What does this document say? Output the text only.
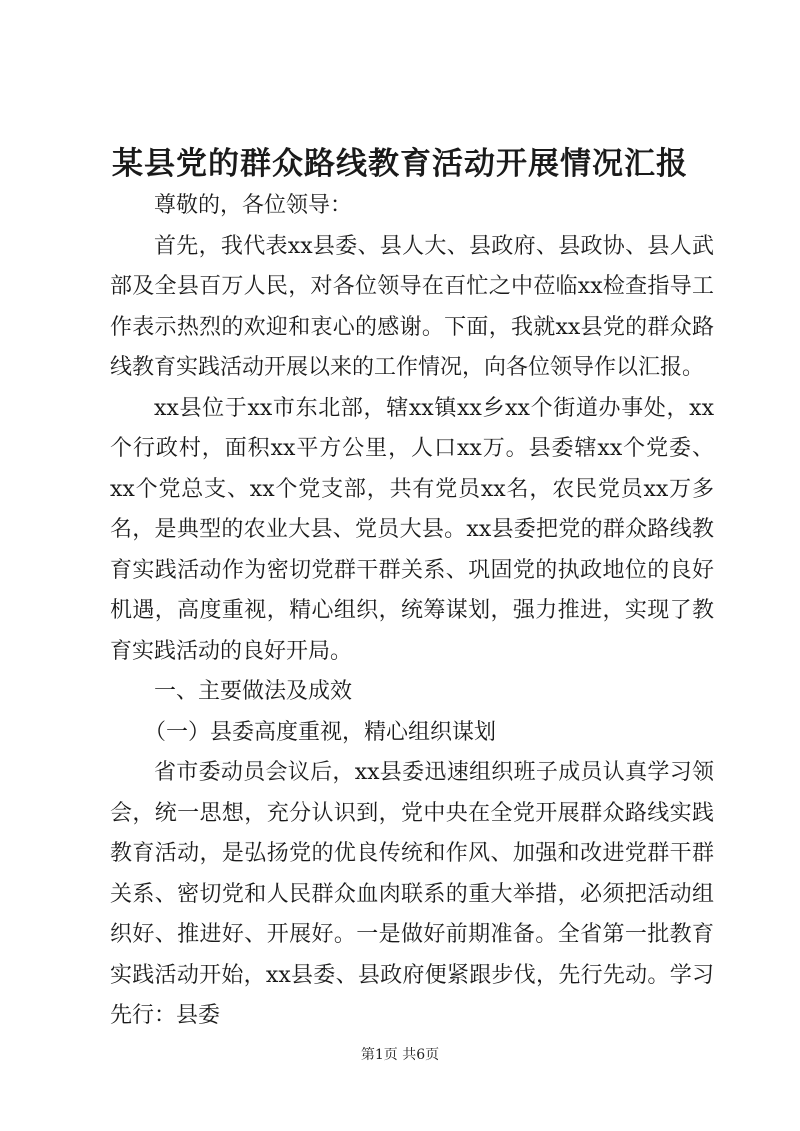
某县党的群众路线教育活动开展情况汇报

尊敬的，各位领导：

首先，我代表xx县委、县人大、县政府、县政协、县人武部及全县百万人民，对各位领导在百忙之中莅临xx检查指导工作表示热烈的欢迎和衷心的感谢。下面，我就xx县党的群众路线教育实践活动开展以来的工作情况，向各位领导作以汇报。

xx县位于xx市东北部，辖xx镇xx乡xx个街道办事处，xx个行政村，面积xx平方公里，人口xx万。县委辖xx个党委、xx个党总支、xx个党支部，共有党员xx名，农民党员xx万多名，是典型的农业大县、党员大县。xx县委把党的群众路线教育实践活动作为密切党群干群关系、巩固党的执政地位的良好机遇，高度重视，精心组织，统筹谋划，强力推进，实现了教育实践活动的良好开局。

一、主要做法及成效

（一）县委高度重视，精心组织谋划

省市委动员会议后，xx县委迅速组织班子成员认真学习领会，统一思想，充分认识到，党中央在全党开展群众路线实践教育活动，是弘扬党的优良传统和作风、加强和改进党群干群关系、密切党和人民群众血肉联系的重大举措，必须把活动组织好、推进好、开展好。一是做好前期准备。全省第一批教育实践活动开始，xx县委、县政府便紧跟步伐，先行先动。学习先行：县委

第1页 共6页
